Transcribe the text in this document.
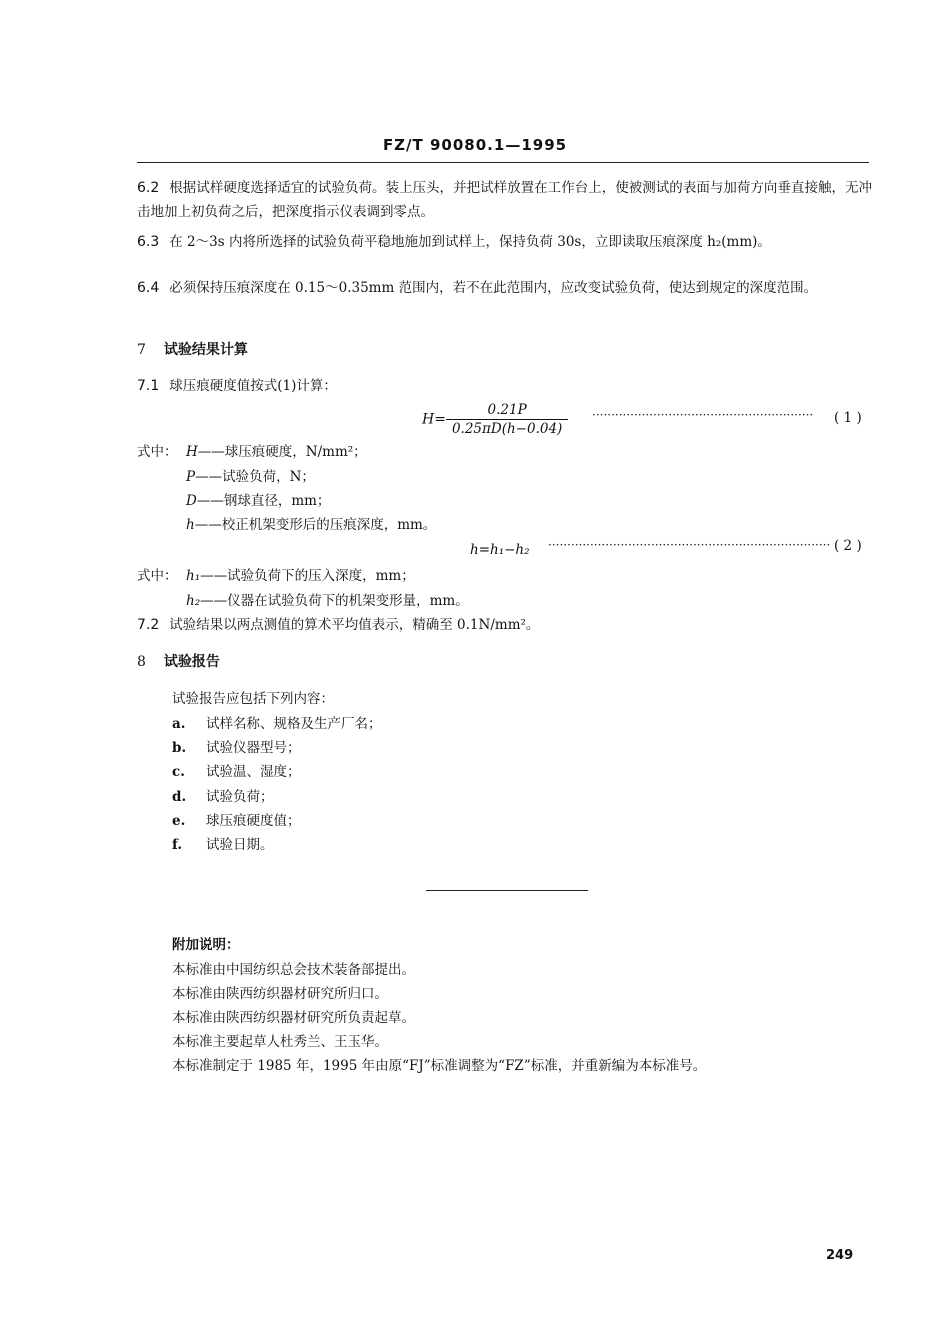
FZ/T 90080.1—1995
6.2 根据试样硬度选择适宜的试验负荷。装上压头，并把试样放置在工作台上，使被测试的表面与加荷方向垂直接触，无冲击地加上初负荷之后，把深度指示仪表调到零点。
6.3 在 2～3s 内将所选择的试验负荷平稳地施加到试样上，保持负荷 30s，立即读取压痕深度 h₂(mm)。
6.4 必须保持压痕深度在 0.15～0.35mm 范围内，若不在此范围内，应改变试验负荷，使达到规定的深度范围。
7 试验结果计算
7.1 球压痕硬度值按式(1)计算：
$H= \frac{0.21P}{0.25\pi D(h-0.04)}$ ·························································· ( 1 )
式中： H——球压痕硬度，N/mm²；
P——试验负荷，N；
D——钢球直径，mm；
h——校正机架变形后的压痕深度，mm。
h=h₁−h₂ ·········································································· ( 2 )
式中： h₁——试验负荷下的压入深度，mm；
h₂——仪器在试验负荷下的机架变形量，mm。
7.2 试验结果以两点测值的算术平均值表示，精确至 0.1N/mm²。
8 试验报告
试验报告应包括下列内容：
a. 试样名称、规格及生产厂名；
b. 试验仪器型号；
c. 试验温、湿度；
d. 试验负荷；
e. 球压痕硬度值；
f. 试验日期。
附加说明：
本标准由中国纺织总会技术装备部提出。
本标准由陕西纺织器材研究所归口。
本标准由陕西纺织器材研究所负责起草。
本标准主要起草人杜秀兰、王玉华。
本标准制定于 1985 年，1995 年由原“FJ”标准调整为“FZ”标准，并重新编为本标准号。
249
